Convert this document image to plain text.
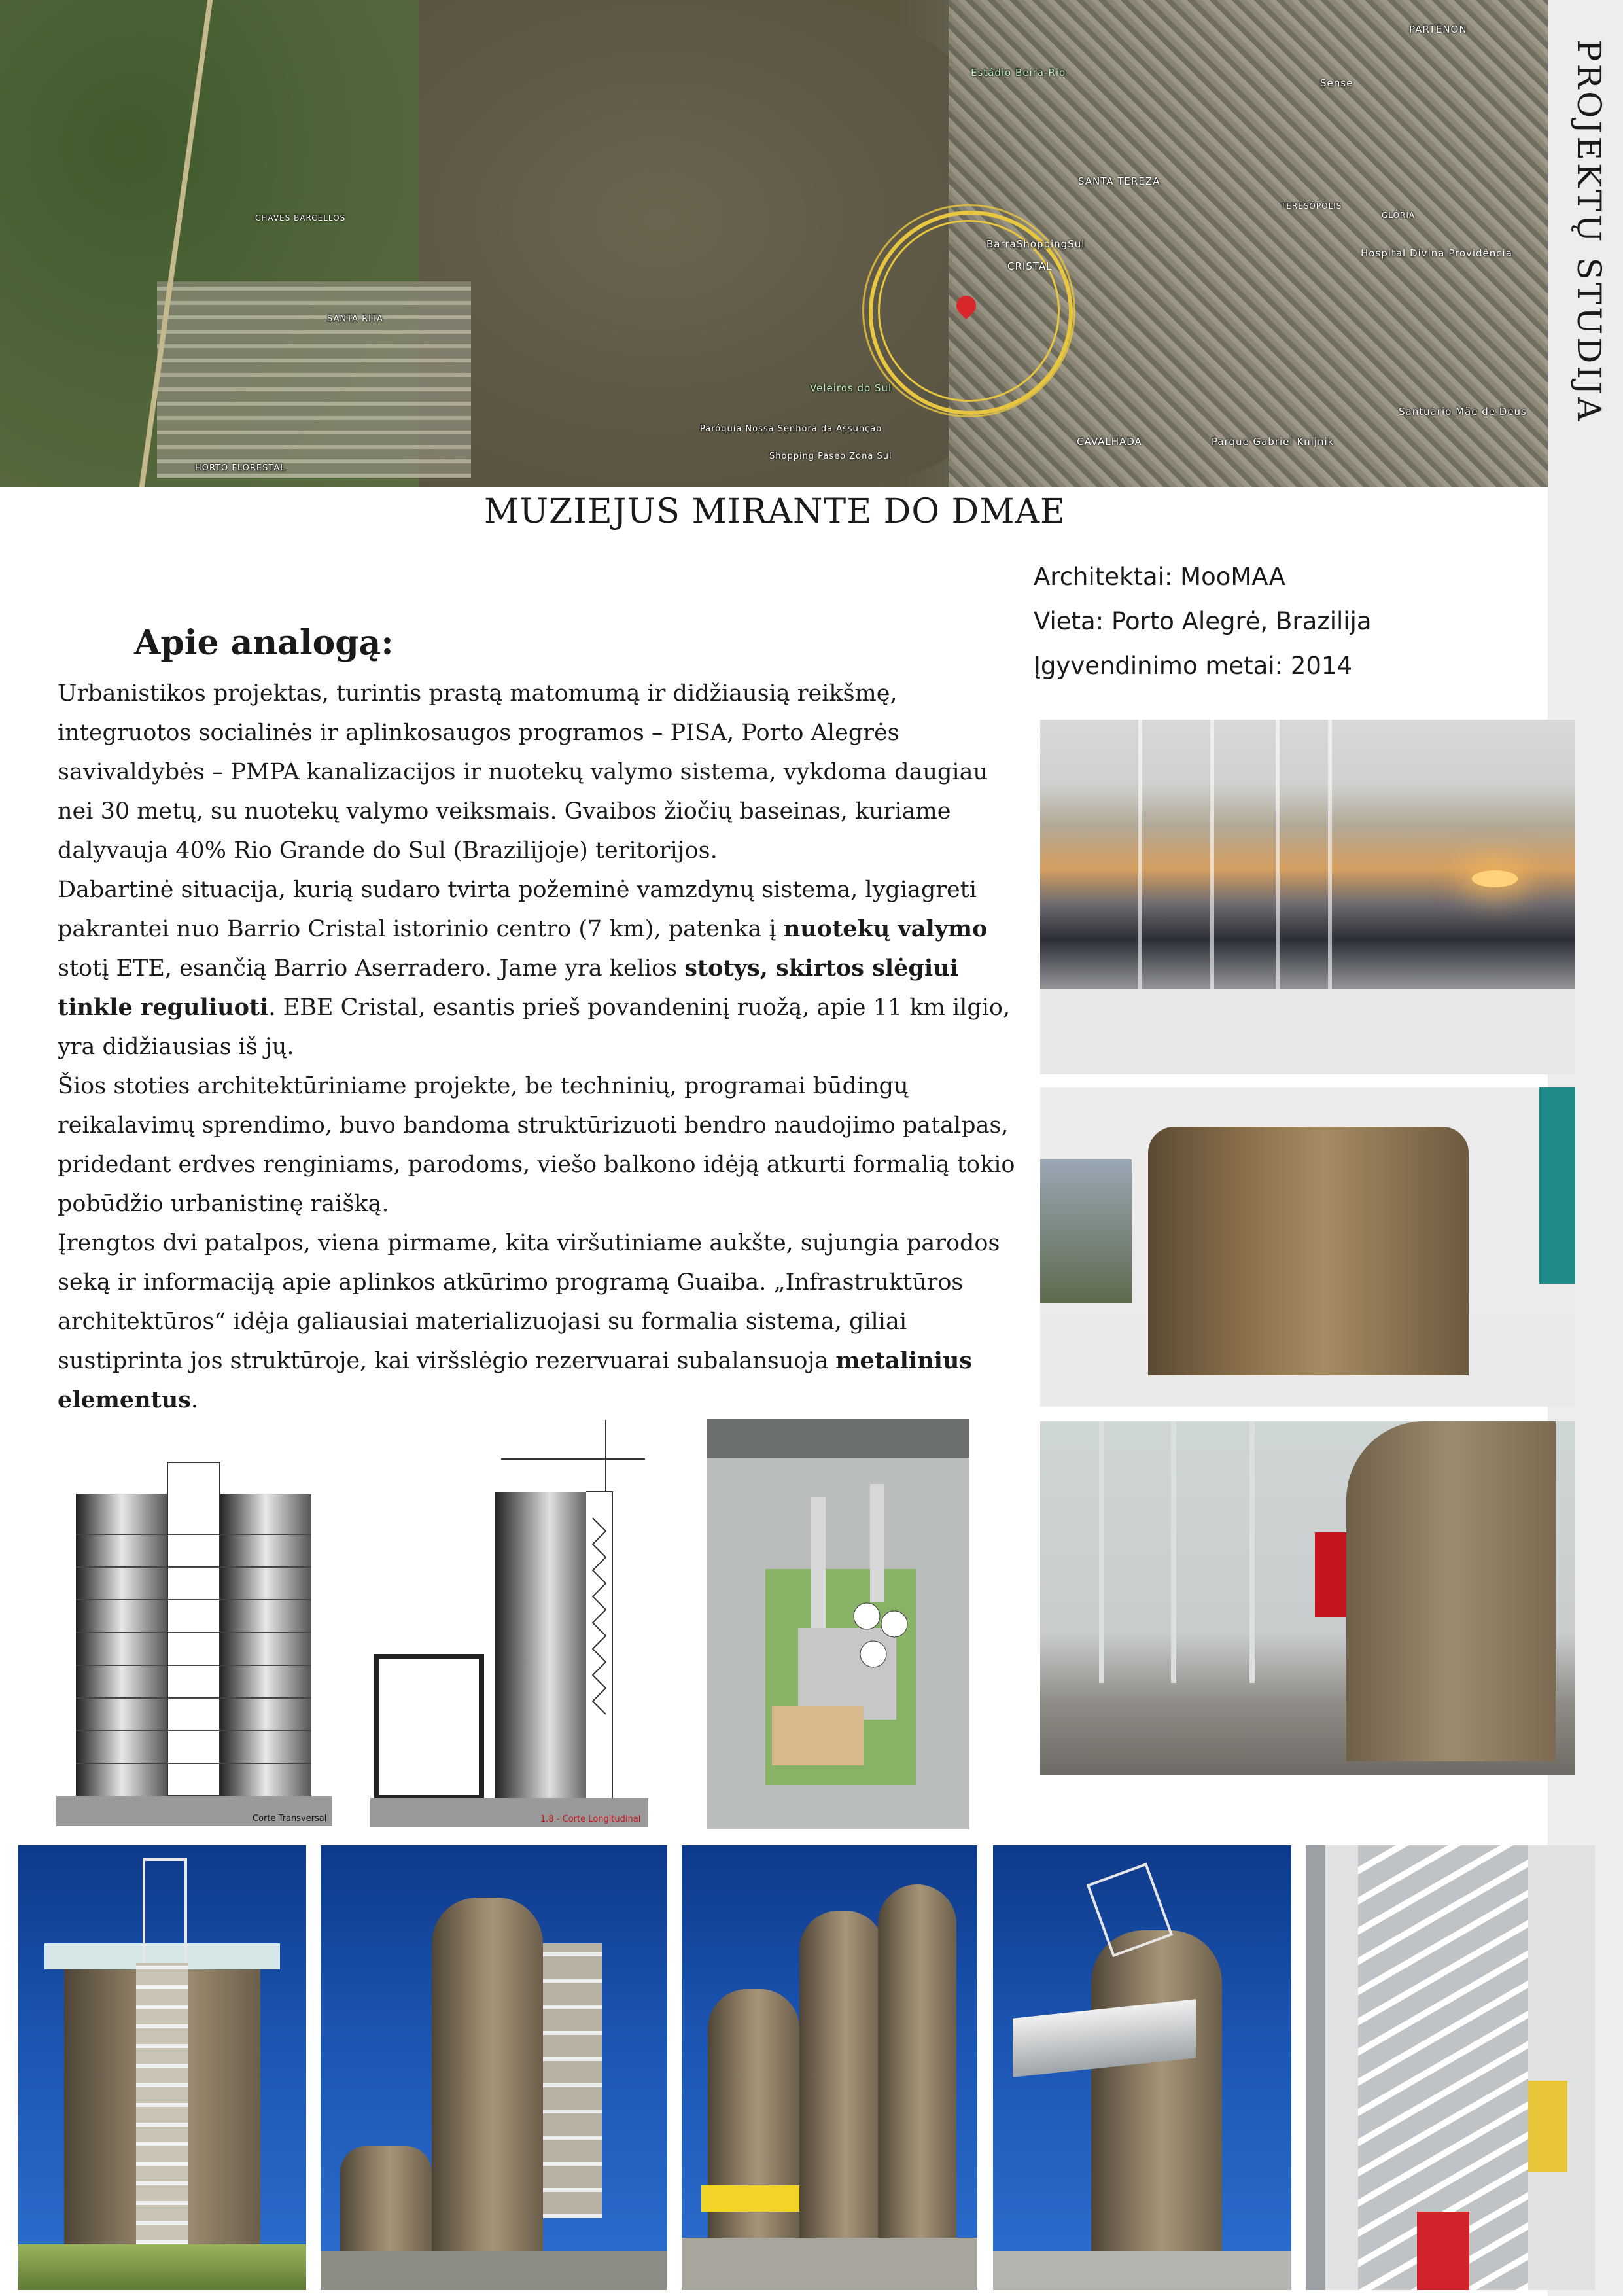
PARTENON
Estádio Beira-Rio
Sense
SANTA TEREZA
TERESÓPOLIS
GLÓRIA
Hospital Divina Providência
BarraShoppingSul
CRISTAL
CHAVES BARCELLOS
SANTA RITA
HORTO FLORESTAL
Veleiros do Sul
Paróquia Nossa Senhora da Assunção
Shopping Paseo Zona Sul
CAVALHADA
Santuário Mãe de Deus
Parque Gabriel Knijnik
PROJEKTŲ STUDIJA
MUZIEJUS MIRANTE DO DMAE
Architektai: MooMAA
Vieta: Porto Alegrė, Brazilija
Įgyvendinimo metai: 2014
Apie analogą:

Urbanistikos projektas, turintis prastą matomumą ir didžiausią reikšmę, integruotos socialinės ir aplinkosaugos programos – PISA, Porto Alegrės savivaldybės – PMPA kanalizacijos ir nuotekų valymo sistema, vykdoma daugiau nei 30 metų, su nuotekų valymo veiksmais. Gvaibos žiočių baseinas, kuriame dalyvauja 40% Rio Grande do Sul (Brazilijoje) teritorijos.

Dabartinė situacija, kurią sudaro tvirta požeminė vamzdynų sistema, lygiagreti pakrantei nuo Barrio Cristal istorinio centro (7 km), patenka į nuotekų valymo stotį ETE, esančią Barrio Aserradero. Jame yra kelios stotys, skirtos slėgiui tinkle reguliuoti. EBE Cristal, esantis prieš povandeninį ruožą, apie 11 km ilgio, yra didžiausias iš jų.

Šios stoties architektūriniame projekte, be techninių, programai būdingų reikalavimų sprendimo, buvo bandoma struktūrizuoti bendro naudojimo patalpas, pridedant erdves renginiams, parodoms, viešo balkono idėją atkurti formalią tokio pobūdžio urbanistinę raišką.

Įrengtos dvi patalpos, viena pirmame, kita viršutiniame aukšte, sujungia parodos seką ir informaciją apie aplinkos atkūrimo programą Guaiba. „Infrastruktūros architektūros“ idėja galiausiai materializuojasi su formalia sistema, giliai sustiprinta jos struktūroje, kai viršslėgio rezervuarai subalansuoja metalinius elementus.

Corte Transversal	1.8 - Corte Longitudinal
